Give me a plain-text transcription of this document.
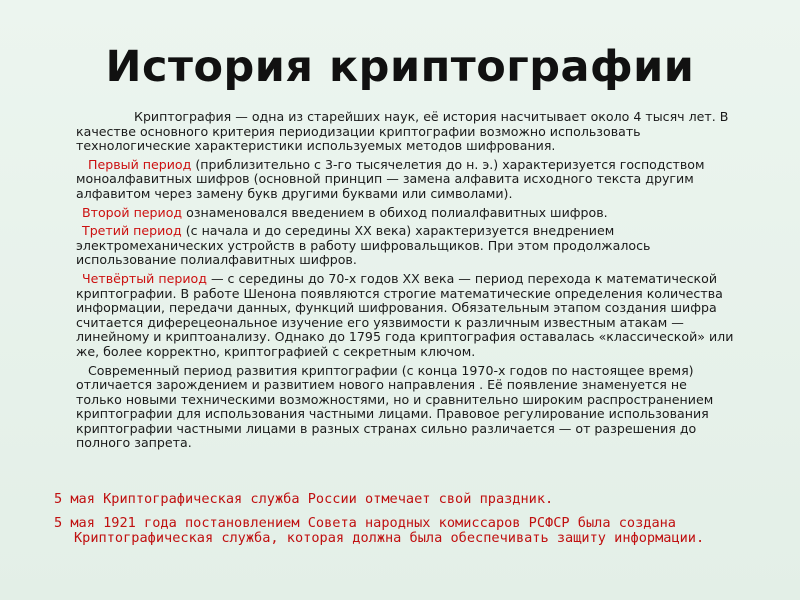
История криптографии

Криптография — одна из старейших наук, её история насчитывает около 4 тысяч лет. В качестве основного критерия периодизации криптографии возможно использовать технологические характеристики используемых методов шифрования.

Первый период (приблизительно с 3-го тысячелетия до н. э.) характеризуется господством моноалфавитных шифров (основной принцип — замена алфавита исходного текста другим алфавитом через замену букв другими буквами или символами).

Второй период ознаменовался введением в обиход полиалфавитных шифров.

Третий период (с начала и до середины XX века) характеризуется внедрением электромеханических устройств в работу шифровальщиков. При этом продолжалось использование полиалфавитных шифров.

Четвёртый период — с середины до 70-х годов XX века — период перехода к математической криптографии. В работе Шенона появляются строгие математические определения количества информации, передачи данных, функций шифрования. Обязательным этапом создания шифра считается диферецеональное изучение его уязвимости к различным известным атакам —линейному и криптоанализу. Однако до 1795 года криптография оставалась «классической» или же, более корректно, криптографией с секретным ключом.

Современный период развития криптографии (с конца 1970-х годов по настоящее время) отличается зарождением и развитием нового направления . Её появление знаменуется не только новыми техническими возможностями, но и сравнительно широким распространением криптографии для использования частными лицами. Правовое регулирование использования криптографии частными лицами в разных странах сильно различается — от разрешения до полного запрета.

5 мая Криптографическая служба России отмечает свой праздник.

5 мая 1921 года постановлением Совета народных комиссаров РСФСР была создана Криптографическая служба, которая должна была обеспечивать защиту информации.
